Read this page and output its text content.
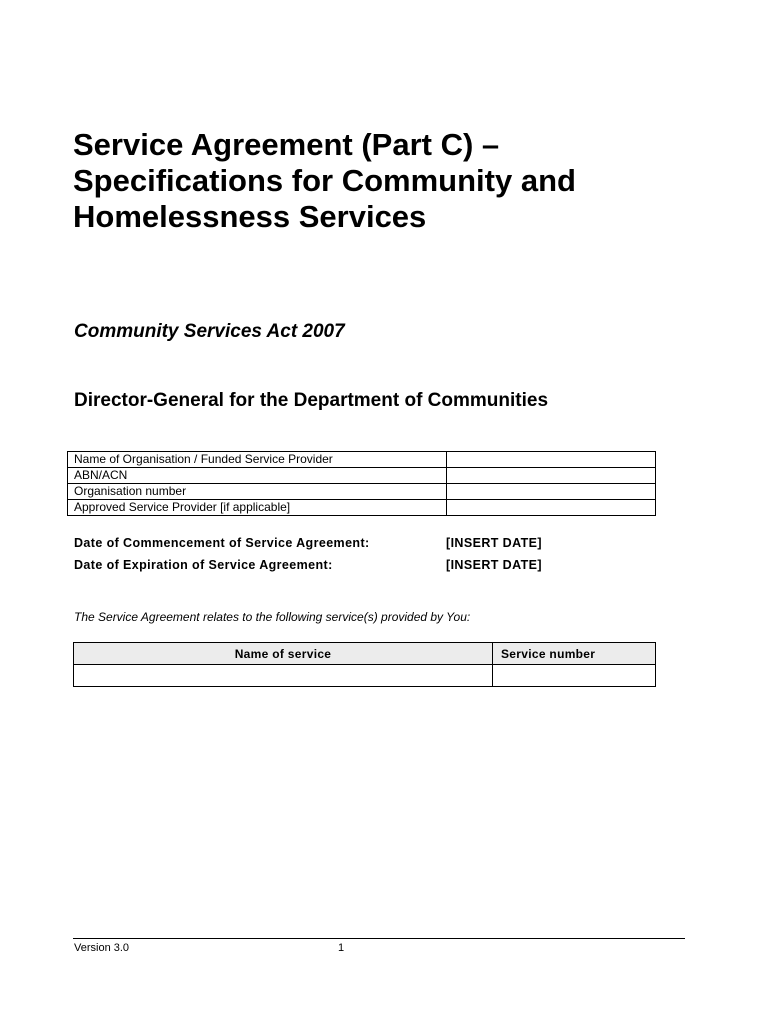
Service Agreement (Part C) –
Specifications for Community and
Homelessness Services
Community Services Act 2007
Director-General for the Department of Communities
Name of Organisation / Funded Service Provider	
ABN/ACN	
Organisation number	
Approved Service Provider [if applicable]	
Date of Commencement of Service Agreement:	[INSERT DATE]
Date of Expiration of Service Agreement:	[INSERT DATE]
The Service Agreement relates to the following service(s) provided by You:
Name of service	Service number

Version 3.0	1
